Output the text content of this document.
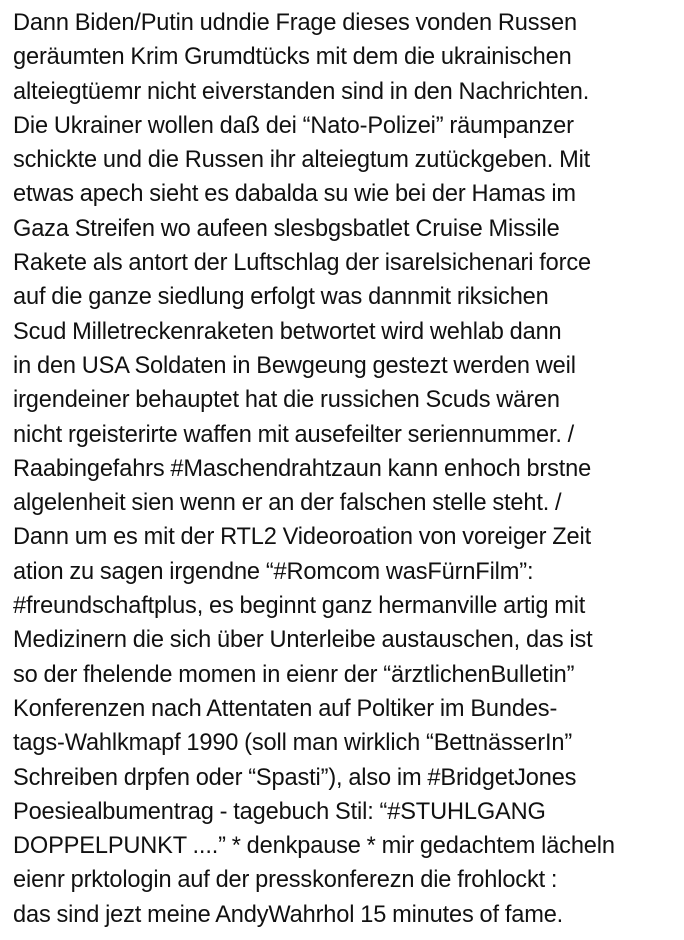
Dann Biden/Putin udndie Frage dieses vonden Russen
geräumten Krim Grumdtücks mit dem die ukrainischen
alteiegtüemr nicht eiverstanden sind in den Nachrichten.
Die Ukrainer wollen daß dei “Nato-Polizei” räumpanzer
schickte und die Russen ihr alteiegtum zutückgeben. Mit
etwas apech sieht es dabalda su wie bei der Hamas im
Gaza Streifen wo aufeen slesbgsbatlet Cruise Missile
Rakete als antort der Luftschlag der isarelsichenari force
auf die ganze siedlung erfolgt was dannmit riksichen
Scud Milletreckenraketen betwortet wird wehlab dann
in den USA Soldaten in Bewgeung gestezt werden weil
irgendeiner behauptet hat die russichen Scuds wären
nicht rgeisterirte waffen mit ausefeilter seriennummer. /
Raabingefahrs #Maschendrahtzaun kann enhoch brstne
algelenheit sien wenn er an der falschen stelle steht. /
Dann um es mit der RTL2 Videoroation von voreiger Zeit
ation zu sagen irgendne “#Romcom wasFürnFilm”:
#freundschaftplus, es beginnt ganz hermanville artig mit
Medizinern die sich über Unterleibe austauschen, das ist
so der fhelende momen in eienr der “ärztlichenBulletin”
Konferenzen nach Attentaten auf Poltiker im Bundes-
tags-Wahlkmapf 1990 (soll man wirklich “BettnässerIn”
Schreiben drpfen oder “Spasti”), also im #BridgetJones
Poesiealbumentrag - tagebuch Stil: “#STUHLGANG
DOPPELPUNKT ....” * denkpause * mir gedachtem lächeln
eienr prktologin auf der presskonferezn die frohlockt :
das sind jezt meine AndyWahrhol 15 minutes of fame.
